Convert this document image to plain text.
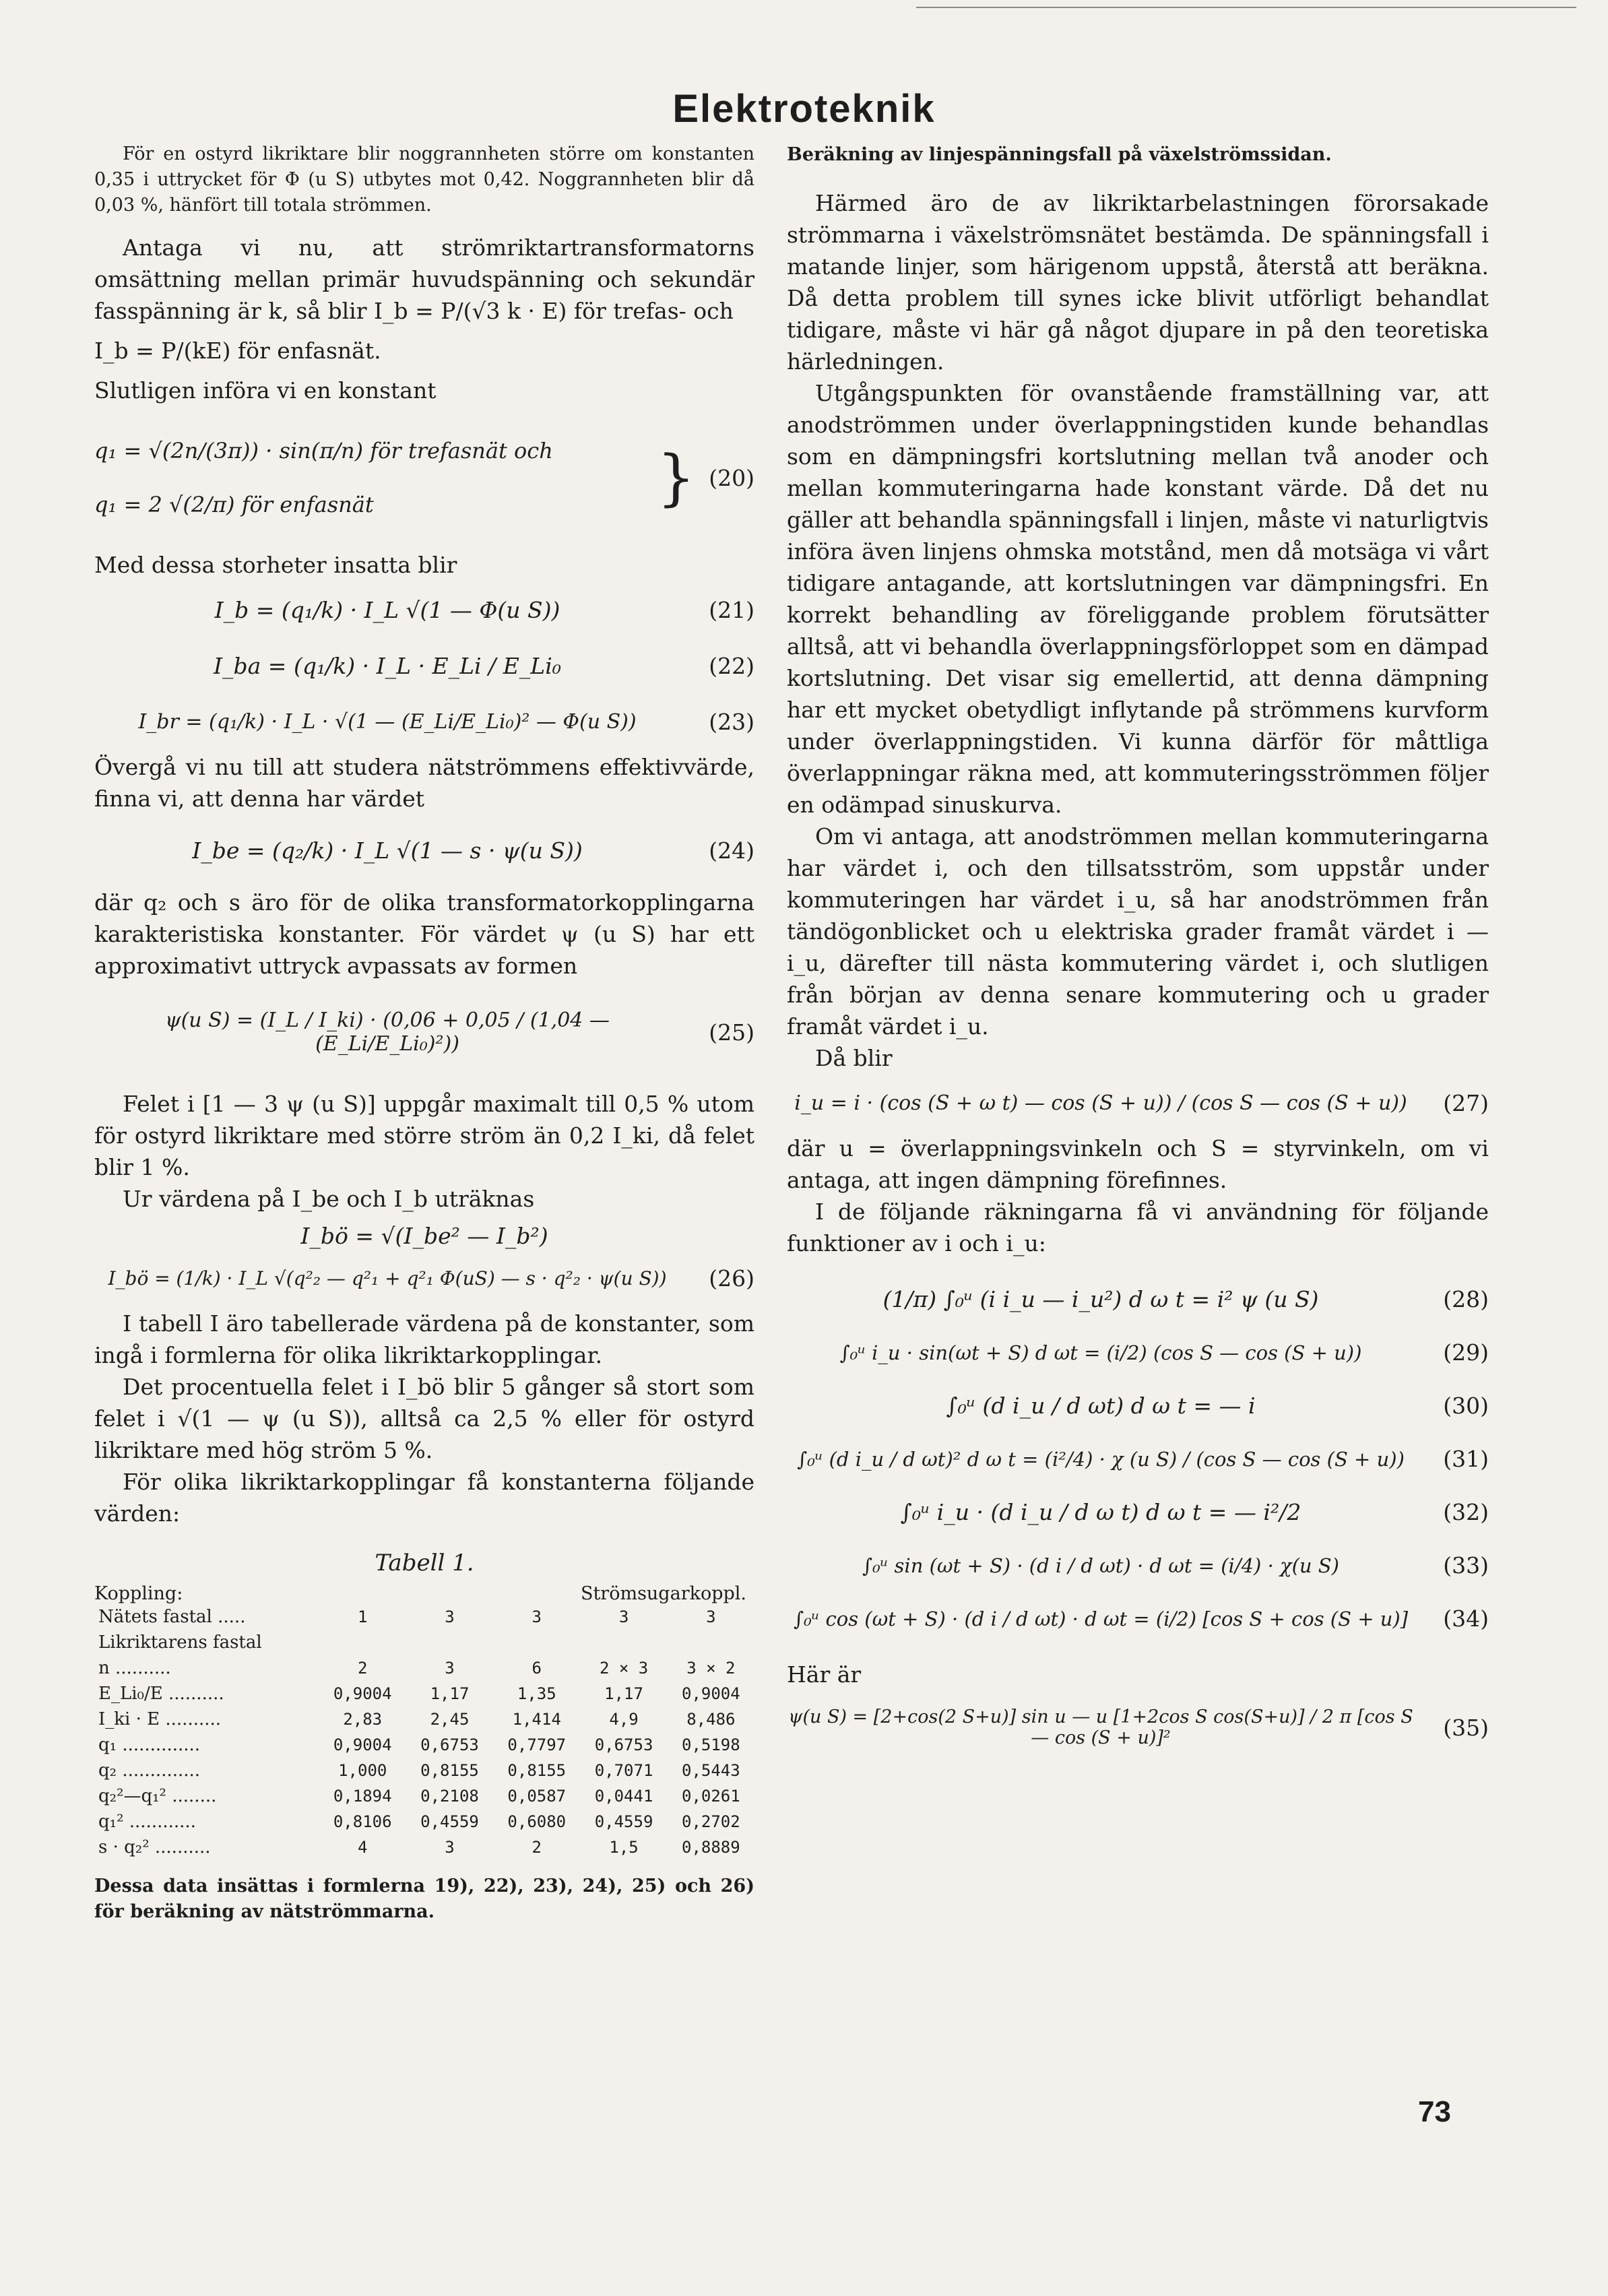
Elektroteknik

För en ostyrd likriktare blir noggrannheten större om konstanten 0,35 i uttrycket för Φ (u S) utbytes mot 0,42. Noggrannheten blir då 0,03 %, hänfört till totala strömmen.

Antaga vi nu, att strömriktartransformatorns omsättning mellan primär huvudspänning och sekundär fasspänning är k, så blir I_b = P/(√3 k · E) för trefas- och

I_b = P/(kE) för enfasnät.

Slutligen införa vi en konstant

q₁ = √(2n/(3π)) · sin(π/n) för trefasnät och
q₁ = 2 √(2/π) för enfasnät	} (20)

Med dessa storheter insatta blir

I_b = (q₁/k) · I_L √(1 — Φ(u S))	(21)
I_ba = (q₁/k) · I_L · E_Li / E_Li₀	(22)
I_br = (q₁/k) · I_L · √(1 — (E_Li/E_Li₀)² — Φ(u S))	(23)

Övergå vi nu till att studera nätströmmens effektivvärde, finna vi, att denna har värdet

I_be = (q₂/k) · I_L √(1 — s · ψ(u S))	(24)

där q₂ och s äro för de olika transformatorkopplingarna karakteristiska konstanter. För värdet ψ (u S) har ett approximativt uttryck avpassats av formen

ψ(u S) = (I_L / I_ki) · (0,06 + 0,05 / (1,04 — (E_Li/E_Li₀)²))	(25)

Felet i [1 — 3 ψ (u S)] uppgår maximalt till 0,5 % utom för ostyrd likriktare med större ström än 0,2 I_ki, då felet blir 1 %.

Ur värdena på I_be och I_b uträknas

I_bö = √(I_be² — I_b²)
I_bö = (1/k) · I_L √(q²₂ — q²₁ + q²₁ Φ(uS) — s · q²₂ · ψ(u S))	(26)

I tabell I äro tabellerade värdena på de konstanter, som ingå i formlerna för olika likriktarkopplingar.

Det procentuella felet i I_bö blir 5 gånger så stort som felet i √(1 — ψ (u S)), alltså ca 2,5 % eller för ostyrd likriktare med hög ström 5 %.

För olika likriktarkopplingar få konstanterna följande värden:

Tabell 1.
Koppling:	Strömsugarkoppl.
Nätets fastal .....	1	3	3	3	3
Likriktarens fastal					
n ..........	2	3	6	2 × 3	3 × 2
E_Li₀/E ..........	0,9004	1,17	1,35	1,17	0,9004
I_ki · E ..........	2,83	2,45	1,414	4,9	8,486
q₁ ..............	0,9004	0,6753	0,7797	0,6753	0,5198
q₂ ..............	1,000	0,8155	0,8155	0,7071	0,5443
q₂²—q₁² ........	0,1894	0,2108	0,0587	0,0441	0,0261
q₁² ............	0,8106	0,4559	0,6080	0,4559	0,2702
s · q₂² ..........	4	3	2	1,5	0,8889

Dessa data insättas i formlerna 19), 22), 23), 24), 25) och 26) för beräkning av nätströmmarna.

Beräkning av linjespänningsfall på växelströmssidan.

Härmed äro de av likriktarbelastningen förorsakade strömmarna i växelströmsnätet bestämda. De spänningsfall i matande linjer, som härigenom uppstå, återstå att beräkna. Då detta problem till synes icke blivit utförligt behandlat tidigare, måste vi här gå något djupare in på den teoretiska härledningen.

Utgångspunkten för ovanstående framställning var, att anodströmmen under överlappningstiden kunde behandlas som en dämpningsfri kortslutning mellan två anoder och mellan kommuteringarna hade konstant värde. Då det nu gäller att behandla spänningsfall i linjen, måste vi naturligtvis införa även linjens ohmska motstånd, men då motsäga vi vårt tidigare antagande, att kortslutningen var dämpningsfri. En korrekt behandling av föreliggande problem förutsätter alltså, att vi behandla överlappningsförloppet som en dämpad kortslutning. Det visar sig emellertid, att denna dämpning har ett mycket obetydligt inflytande på strömmens kurvform under överlappningstiden. Vi kunna därför för måttliga överlappningar räkna med, att kommuteringsströmmen följer en odämpad sinuskurva.

Om vi antaga, att anodströmmen mellan kommuteringarna har värdet i, och den tillsatsström, som uppstår under kommuteringen har värdet i_u, så har anodströmmen från tändögonblicket och u elektriska grader framåt värdet i — i_u, därefter till nästa kommutering värdet i, och slutligen från början av denna senare kommutering och u grader framåt värdet i_u.

Då blir

i_u = i · (cos (S + ω t) — cos (S + u)) / (cos S — cos (S + u))	(27)

där u = överlappningsvinkeln och S = styrvinkeln, om vi antaga, att ingen dämpning förefinnes.

I de följande räkningarna få vi användning för följande funktioner av i och i_u:

(1/π) ∫₀ᵘ (i i_u — i_u²) d ω t = i² ψ (u S)	(28)
∫₀ᵘ i_u · sin(ωt + S) d ωt = (i/2) (cos S — cos (S + u))	(29)
∫₀ᵘ (d i_u / d ωt) d ω t = — i	(30)
∫₀ᵘ (d i_u / d ωt)² d ω t = (i²/4) · χ (u S) / (cos S — cos (S + u))	(31)
∫₀ᵘ i_u · (d i_u / d ω t) d ω t = — i²/2	(32)
∫₀ᵘ sin (ωt + S) · (d i / d ωt) · d ωt = (i/4) · χ(u S)	(33)
∫₀ᵘ cos (ωt + S) · (d i / d ωt) · d ωt = (i/2) [cos S + cos (S + u)]	(34)

Här är

ψ(u S) = [2+cos(2 S+u)] sin u — u [1+2cos S cos(S+u)] / 2 π [cos S — cos (S + u)]²	(35)
73
